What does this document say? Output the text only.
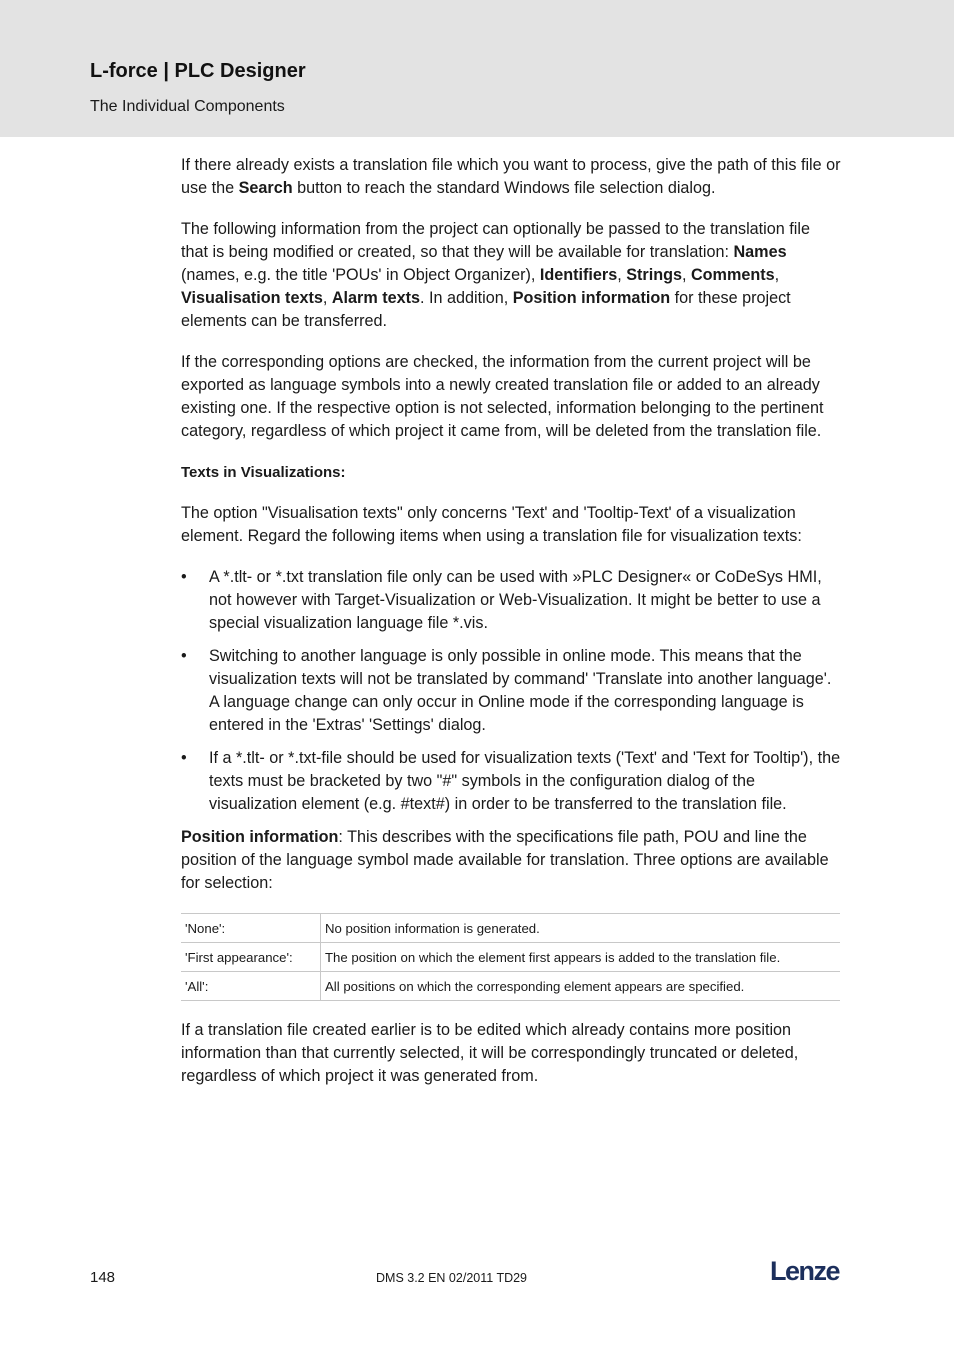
L-force | PLC Designer
The Individual Components

If there already exists a translation file which you want to process, give the path of this file or use the Search button to reach the standard Windows file selection dialog.

The following information from the project can optionally be passed to the translation file that is being modified or created, so that they will be available for translation: Names (names, e.g. the title 'POUs' in Object Organizer), Identifiers, Strings, Comments, Visualisation texts, Alarm texts. In addition, Position information for these project elements can be transferred.

If the corresponding options are checked, the information from the current project will be exported as language symbols into a newly created translation file or added to an already existing one. If the respective option is not selected, information belonging to the pertinent category, regardless of which project it came from, will be deleted from the translation file.

Texts in Visualizations:

The option "Visualisation texts" only concerns 'Text' and 'Tooltip-Text' of a visualization element. Regard the following items when using a translation file for visualization texts:

• A *.tlt- or *.txt translation file only can be used with »PLC Designer« or CoDeSys HMI, not however with Target-Visualization or Web-Visualization. It might be better to use a special visualization language file *.vis.
• Switching to another language is only possible in online mode. This means that the visualization texts will not be translated by command' 'Translate into another language'. A language change can only occur in Online mode if the corresponding language is entered in the 'Extras' 'Settings' dialog.
• If a *.tlt- or *.txt-file should be used for visualization texts ('Text' and 'Text for Tooltip'), the texts must be bracketed by two "#" symbols in the configuration dialog of the visualization element (e.g. #text#) in order to be transferred to the translation file.

Position information: This describes with the specifications file path, POU and line the position of the language symbol made available for translation. Three options are available for selection:

'None':	No position information is generated.
'First appearance':	The position on which the element first appears is added to the translation file.
'All':	All positions on which the corresponding element appears are specified.

If a translation file created earlier is to be edited which already contains more position information than that currently selected, it will be correspondingly truncated or deleted, regardless of which project it was generated from.

148	DMS 3.2 EN 02/2011 TD29	Lenze
